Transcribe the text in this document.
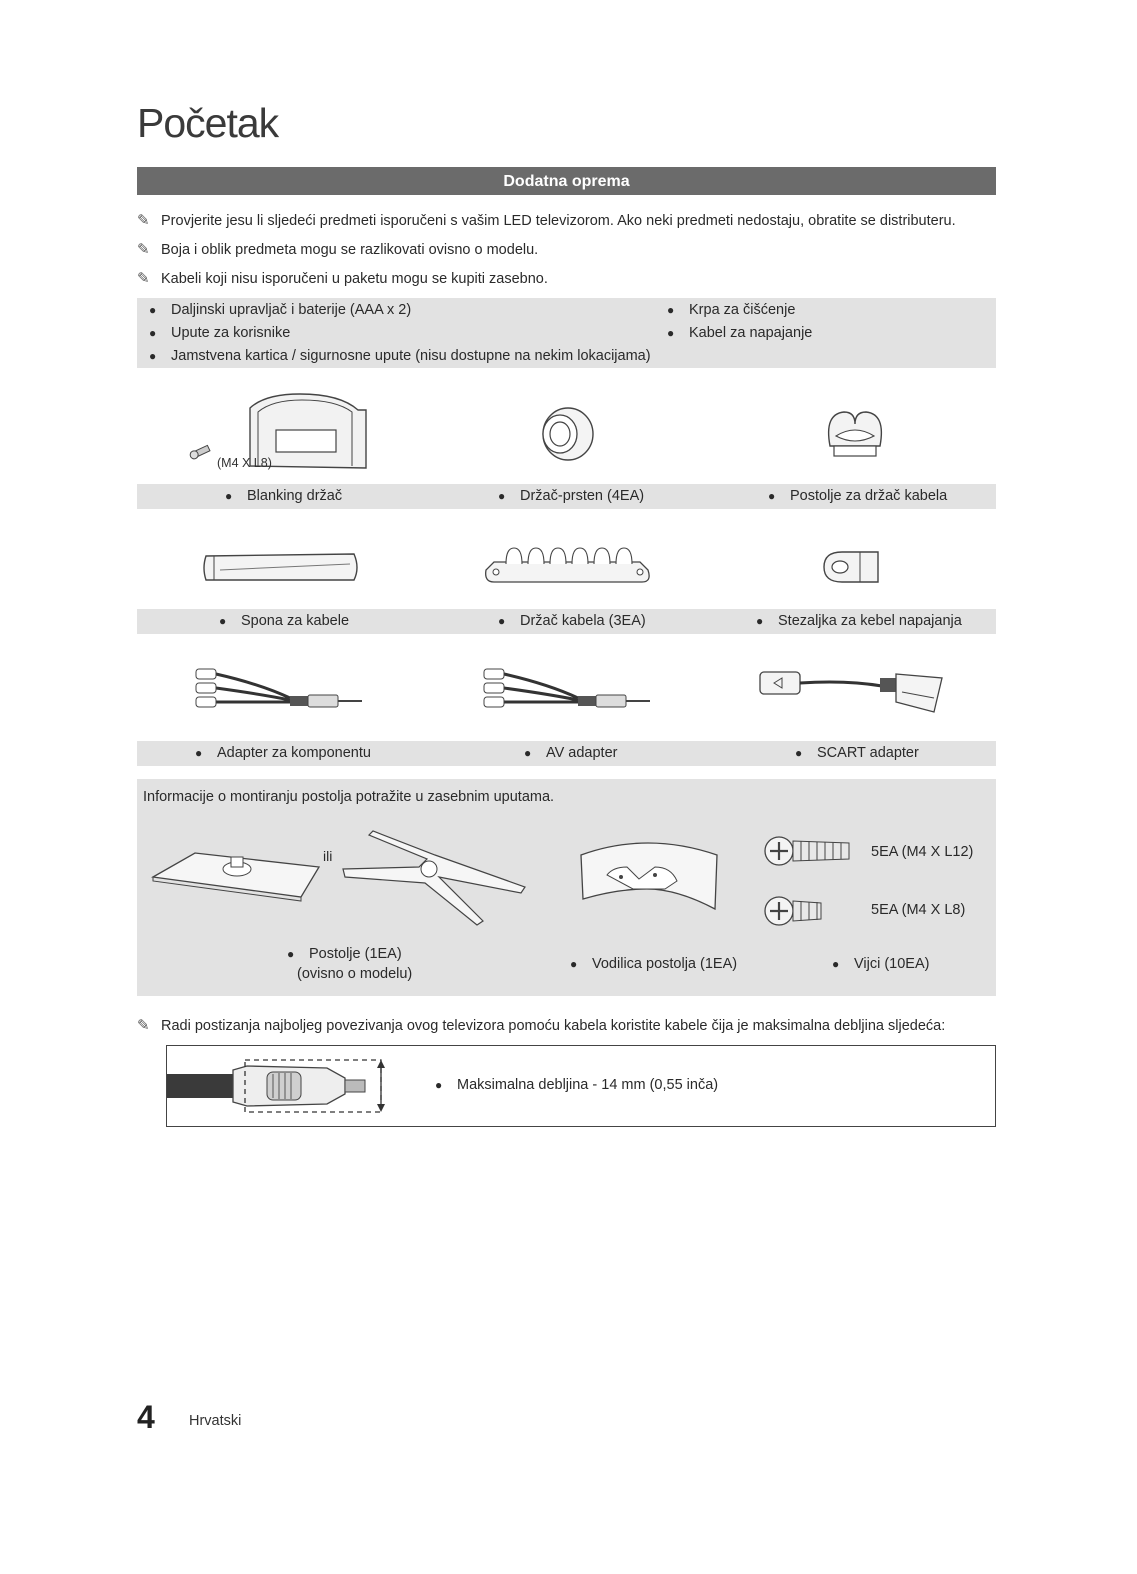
Početak
Dodatna oprema
✎ Provjerite jesu li sljedeći predmeti isporučeni s vašim LED televizorom. Ako neki predmeti nedostaju, obratite se distributeru.
✎ Boja i oblik predmeta mogu se razlikovati ovisno o modelu.
✎ Kabeli koji nisu isporučeni u paketu mogu se kupiti zasebno.
● Daljinski upravljač i baterije (AAA x 2)
● Upute za korisnike
● Jamstvena kartica / sigurnosne upute (nisu dostupne na nekim lokacijama)
● Krpa za čišćenje
● Kabel za napajanje
(M4 X L8)
● Blanking držač	● Držač-prsten (4EA)	● Postolje za držač kabela
● Spona za kabele	● Držač kabela (3EA)	● Stezaljka za kebel napajanja
● Adapter za komponentu	● AV adapter	● SCART adapter
Informacije o montiranju postolja potražite u zasebnim uputama.
ili	5EA (M4 X L12)
5EA (M4 X L8)
● Postolje (1EA)
(ovisno o modelu)
● Vodilica postolja (1EA)	● Vijci (10EA)
✎ Radi postizanja najboljeg povezivanja ovog televizora pomoću kabela koristite kabele čija je maksimalna debljina sljedeća:
● Maksimalna debljina - 14 mm (0,55 inča)
4 Hrvatski
